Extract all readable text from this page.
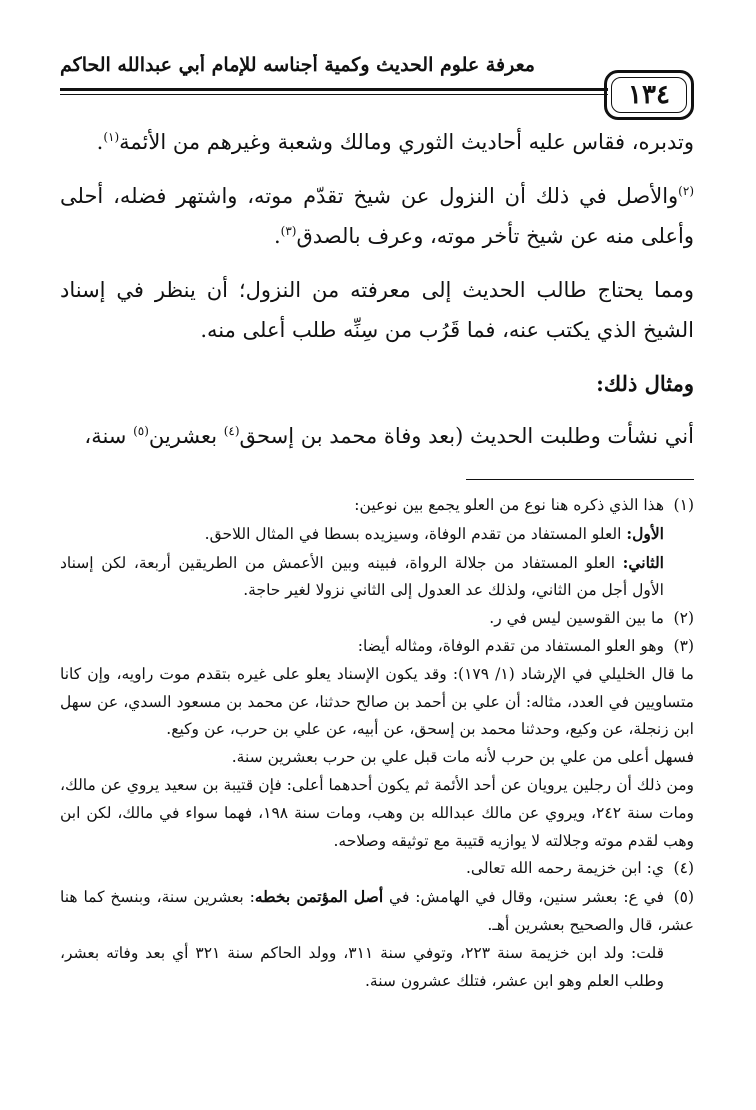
١٣٤
معرفة علوم الحديث وكمية أجناسه للإمام أبي عبدالله الحاكم

وتدبره، فقاس عليه أحاديث الثوري ومالك وشعبة وغيرهم من الأئمة$^{(١)}$.

$^{(٢)}$والأصل في ذلك أن النزول عن شيخ تقدّم موته، واشتهر فضله، أحلى وأعلى منه عن شيخ تأخر موته، وعرف بالصدق$^{(٣)}$.

ومما يحتاج طالب الحديث إلى معرفته من النزول؛ أن ينظر في إسناد الشيخ الذي يكتب عنه، فما قَرُب من سِنِّه طلب أعلى منه.

ومثال ذلك:

أني نشأت وطلبت الحديث (بعد وفاة محمد بن إسحق$^{(٤)}$ بعشرين$^{(٥)}$ سنة،

(١)هذا الذي ذكره هنا نوع من العلو يجمع بين نوعين:

الأول: العلو المستفاد من تقدم الوفاة، وسيزيده بسطا في المثال اللاحق.

الثاني: العلو المستفاد من جلالة الرواة، فبينه وبين الأعمش من الطريقين أربعة، لكن إسناد الأول أجل من الثاني، ولذلك عد العدول إلى الثاني نزولا لغير حاجة.

(٢)ما بين القوسين ليس في ر.

(٣)وهو العلو المستفاد من تقدم الوفاة، ومثاله أيضا:

ما قال الخليلي في الإرشاد (١/ ١٧٩): وقد يكون الإسناد يعلو على غيره بتقدم موت راويه، وإن كانا متساويين في العدد، مثاله: أن علي بن أحمد بن صالح حدثنا، عن محمد بن مسعود السدي، عن سهل ابن زنجلة، عن وكيع، وحدثنا محمد بن إسحق، عن أبيه، عن علي بن حرب، عن وكيع.

فسهل أعلى من علي بن حرب لأنه مات قبل علي بن حرب بعشرين سنة.

ومن ذلك أن رجلين يرويان عن أحد الأئمة ثم يكون أحدهما أعلى: فإن قتيبة بن سعيد يروي عن مالك، ومات سنة ٢٤٢، ويروي عن مالك عبدالله بن وهب، ومات سنة ١٩٨، فهما سواء في مالك، لكن ابن وهب لقدم موته وجلالته لا يوازيه قتيبة مع توثيقه وصلاحه.

(٤)ي: ابن خزيمة رحمه الله تعالى.

(٥)في ع: بعشر سنين، وقال في الهامش: في أصل المؤتمن بخطه: بعشرين سنة، وبنسخ كما هنا عشر، قال والصحيح بعشرين أهـ.

قلت: ولد ابن خزيمة سنة ٢٢٣، وتوفي سنة ٣١١، وولد الحاكم سنة ٣٢١ أي بعد وفاته بعشر، وطلب العلم وهو ابن عشر، فتلك عشرون سنة.
